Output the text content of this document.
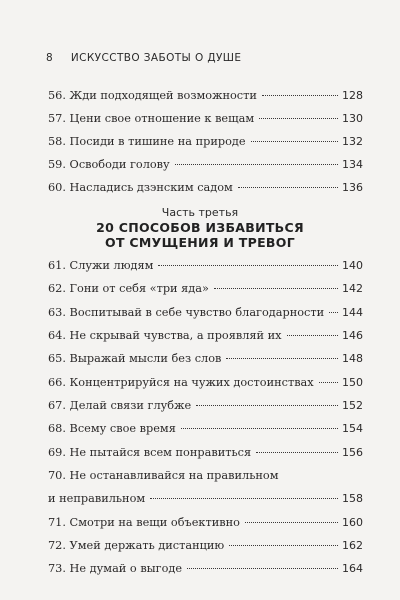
8 ИСКУССТВО ЗАБОТЫ О ДУШЕ
56. Жди подходящей возможности	128
57. Цени свое отношение к вещам	130
58. Посиди в тишине на природе	132
59. Освободи голову	134
60. Насладись дзэнским садом	136
Часть третья
20 СПОСОБОВ ИЗБАВИТЬСЯ
ОТ СМУЩЕНИЯ И ТРЕВОГ
61. Служи людям	140
62. Гони от себя «три яда»	142
63. Воспитывай в себе чувство благодарности 144
64. Не скрывай чувства, а проявляй их	146
65. Выражай мысли без слов	148
66. Концентрируйся на чужих достоинствах	150
67. Делай связи глубже	152
68. Всему свое время	154
69. Не пытайся всем понравиться	156
70. Не останавливайся на правильном
и неправильном	158
71. Смотри на вещи объективно	160
72. Умей держать дистанцию	162
73. Не думай о выгоде	164
